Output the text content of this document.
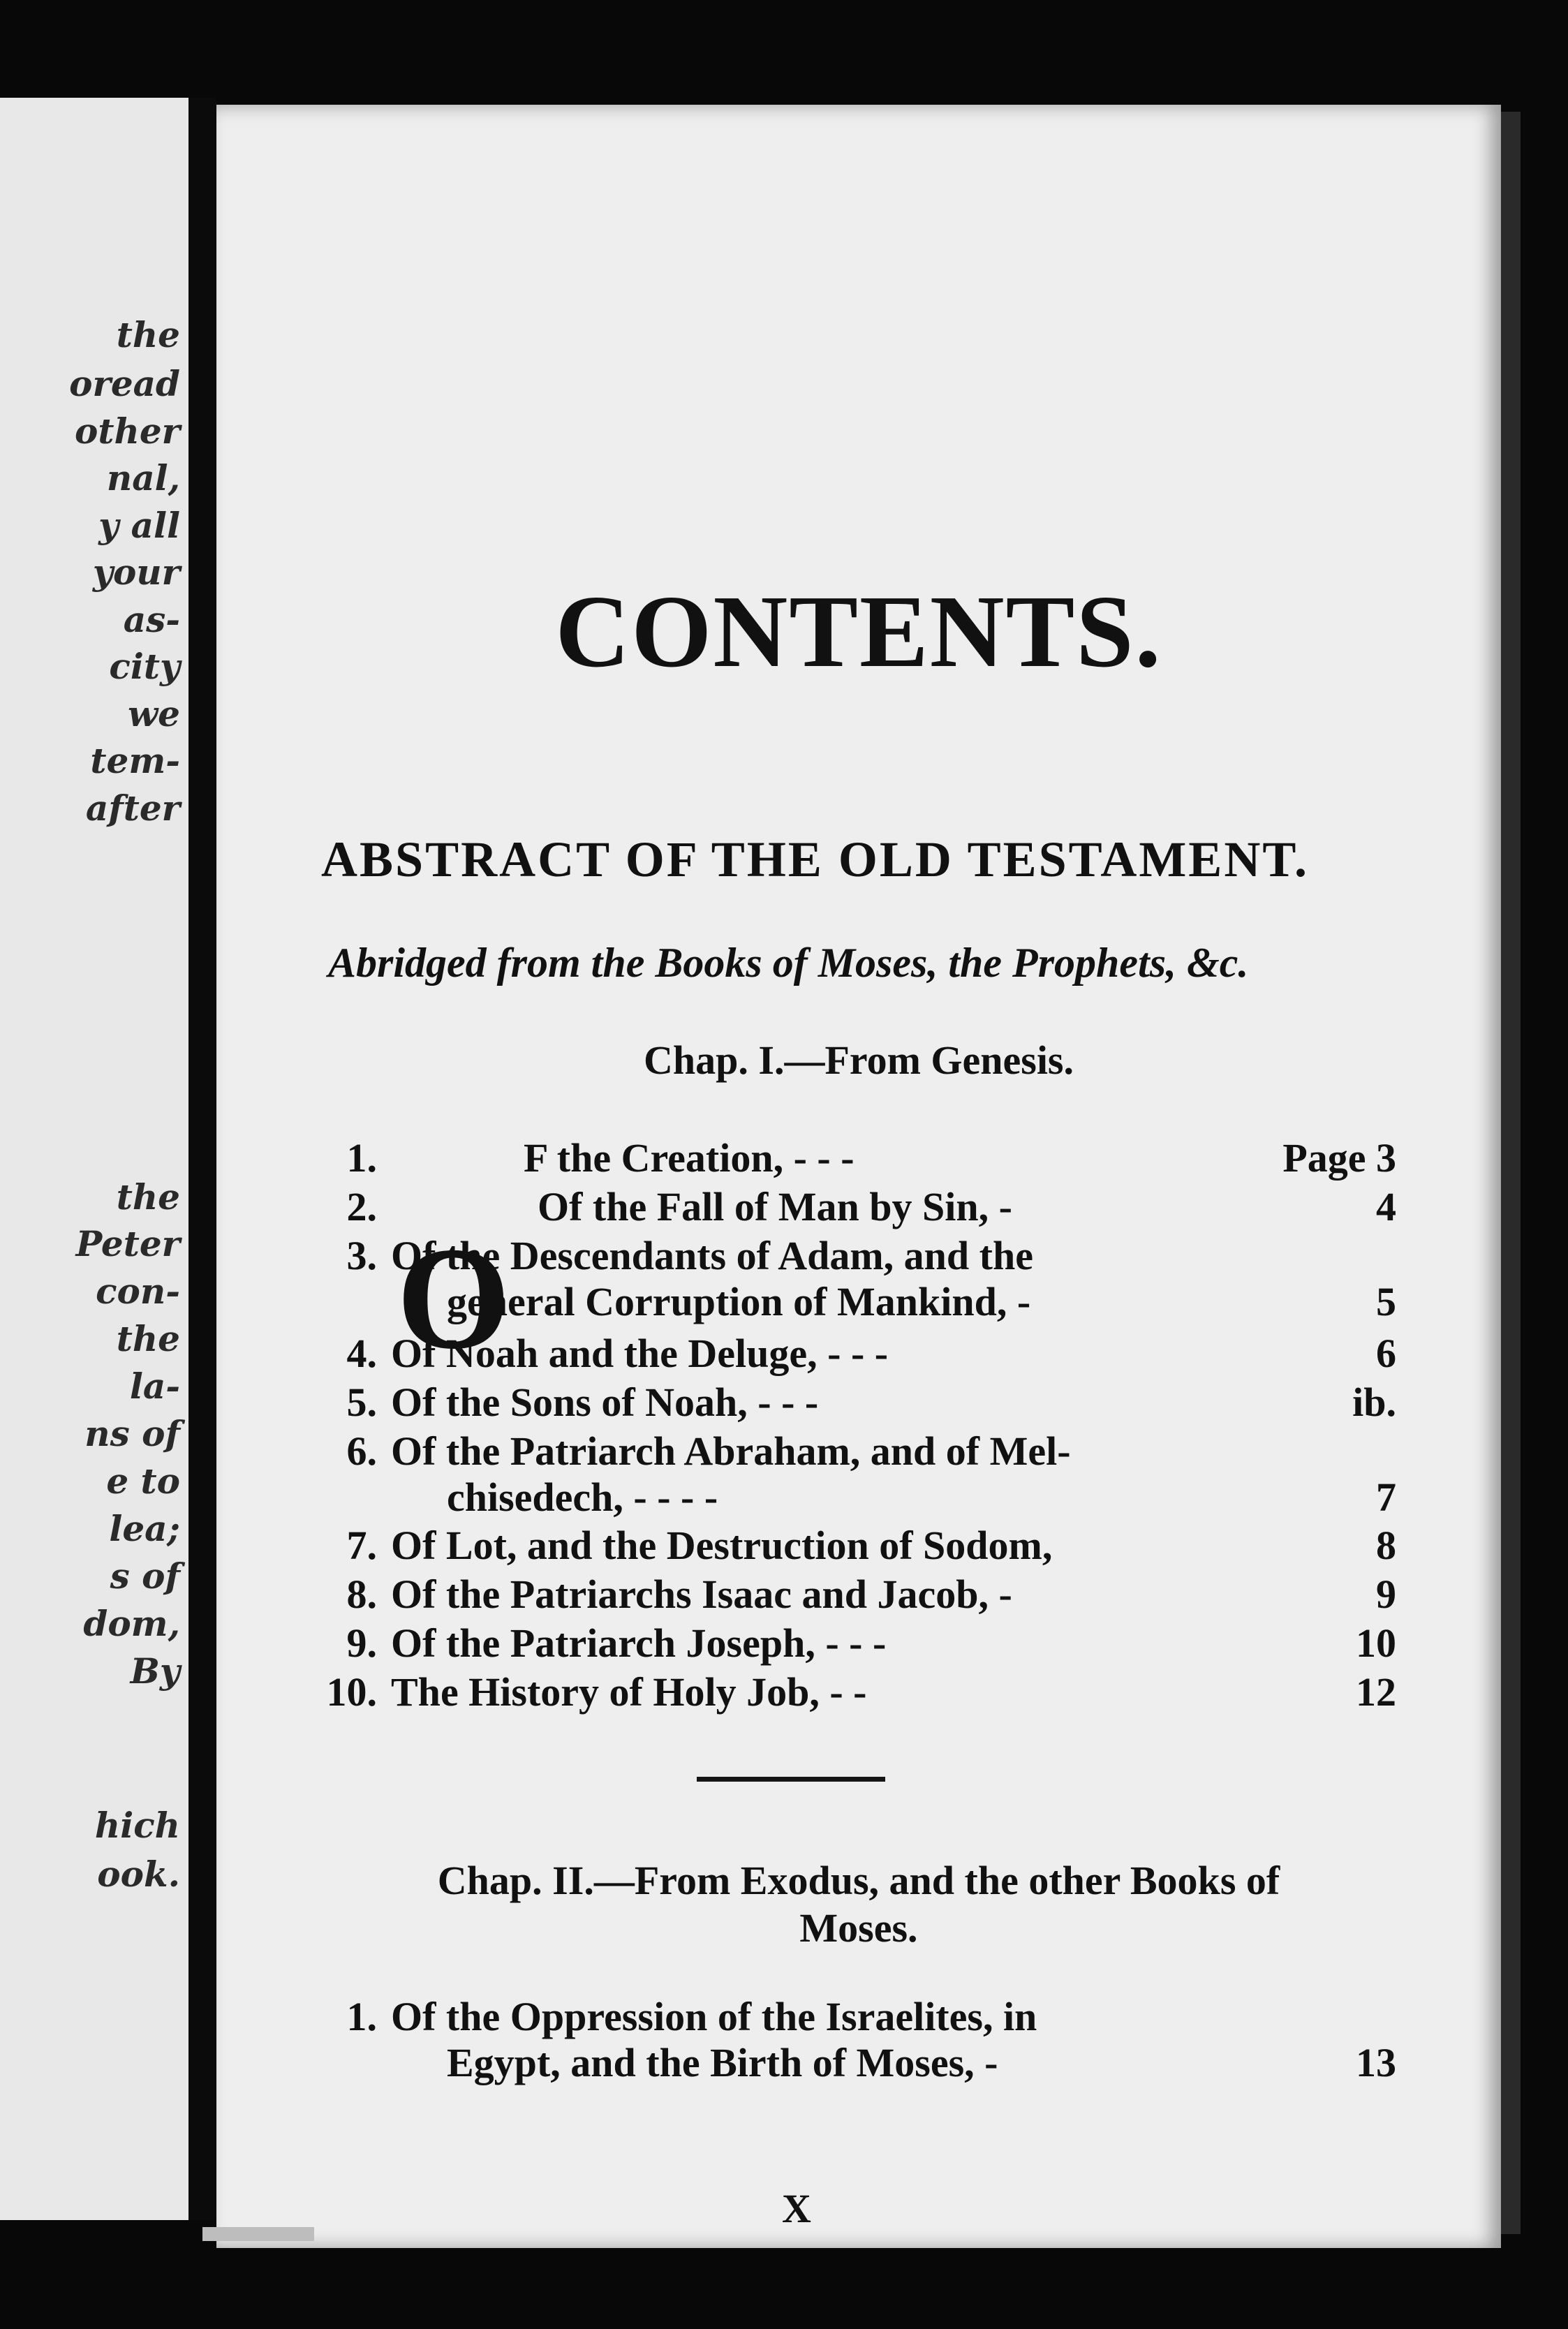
the
oread
other
nal,
y all
your
as-
city
we
tem-
after
the
Peter
con-
the
la-
ns of
e to
lea;
s of
dom,
By
hich
ook.
CONTENTS.
ABSTRACT OF THE OLD TESTAMENT.
Abridged from the Books of Moses, the Prophets, &c.
Chap. I.—From Genesis.
O
1.	F the Creation, - - -	Page 3
2.	Of the Fall of Man by Sin, -	4
3. Of the Descendants of Adam, and the
general Corruption of Mankind, -	5
4. Of Noah and the Deluge, - - -	6
5. Of the Sons of Noah, - - -	ib.
6. Of the Patriarch Abraham, and of Mel-
chisedech, - - - -	7
7. Of Lot, and the Destruction of Sodom,	8
8. Of the Patriarchs Isaac and Jacob, -	9
9. Of the Patriarch Joseph, - - -	10
10. The History of Holy Job, - -	12
Chap. II.—From Exodus, and the other Books of
Moses.
1. Of the Oppression of the Israelites, in
Egypt, and the Birth of Moses, -	13
X
